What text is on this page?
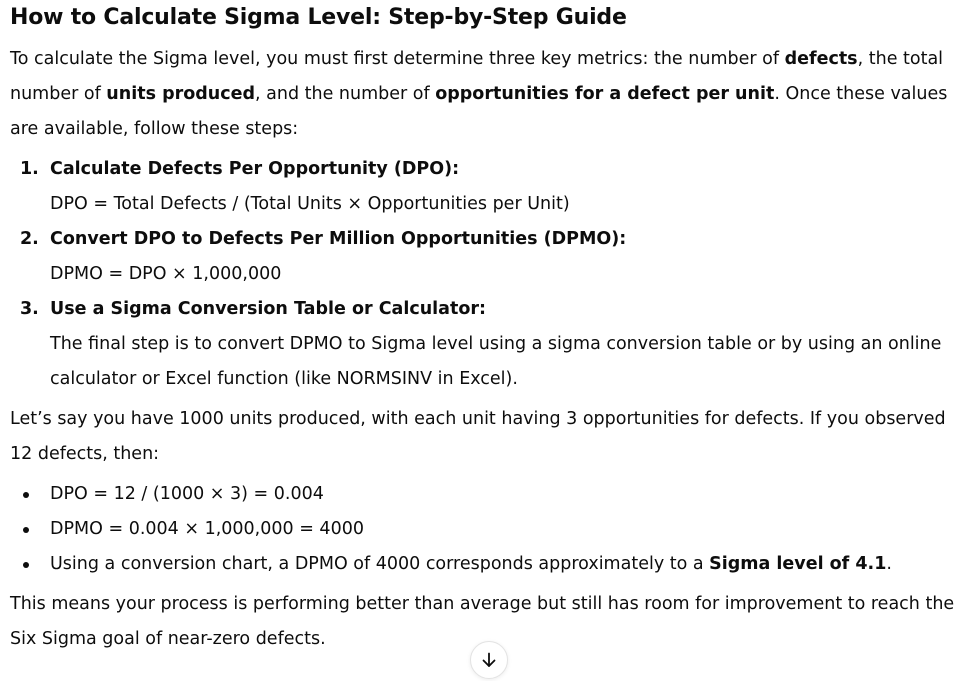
How to Calculate Sigma Level: Step-by-Step Guide

To calculate the Sigma level, you must first determine three key metrics: the number of defects, the total number of units produced, and the number of opportunities for a defect per unit. Once these values are available, follow these steps:

1. Calculate Defects Per Opportunity (DPO):
DPO = Total Defects / (Total Units × Opportunities per Unit)
2. Convert DPO to Defects Per Million Opportunities (DPMO):
DPMO = DPO × 1,000,000
3. Use a Sigma Conversion Table or Calculator:
The final step is to convert DPMO to Sigma level using a sigma conversion table or by using an online calculator or Excel function (like NORMSINV in Excel).

Let’s say you have 1000 units produced, with each unit having 3 opportunities for defects. If you observed 12 defects, then:

DPO = 12 / (1000 × 3) = 0.004
DPMO = 0.004 × 1,000,000 = 4000
Using a conversion chart, a DPMO of 4000 corresponds approximately to a Sigma level of 4.1.

This means your process is performing better than average but still has room for improvement to reach the Six Sigma goal of near-zero defects.
